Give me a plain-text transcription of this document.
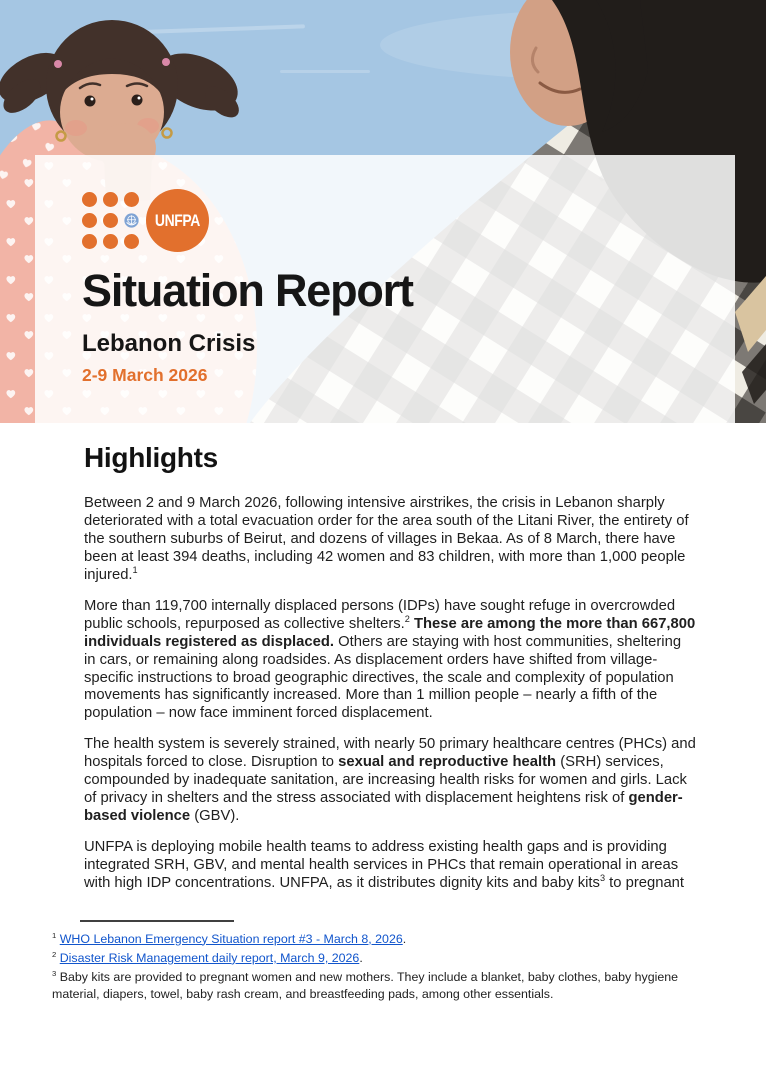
UNFPA
Situation Report
Lebanon Crisis
2-9 March 2026
Highlights

Between 2 and 9 March 2026, following intensive airstrikes, the crisis in Lebanon sharply deteriorated with a total evacuation order for the area south of the Litani River, the entirety of the southern suburbs of Beirut, and dozens of villages in Bekaa. As of 8 March, there have been at least 394 deaths, including 42 women and 83 children, with more than 1,000 people injured.$^1$

More than 119,700 internally displaced persons (IDPs) have sought refuge in overcrowded public schools, repurposed as collective shelters.$^2$ These are among the more than 667,800 individuals registered as displaced. Others are staying with host communities, sheltering in cars, or remaining along roadsides. As displacement orders have shifted from village-specific instructions to broad geographic directives, the scale and complexity of population movements has significantly increased. More than 1 million people – nearly a fifth of the population – now face imminent forced displacement.

The health system is severely strained, with nearly 50 primary healthcare centres (PHCs) and hospitals forced to close. Disruption to sexual and reproductive health (SRH) services, compounded by inadequate sanitation, are increasing health risks for women and girls. Lack of privacy in shelters and the stress associated with displacement heightens risk of gender-based violence (GBV).

UNFPA is deploying mobile health teams to address existing health gaps and is providing integrated SRH, GBV, and mental health services in PHCs that remain operational in areas with high IDP concentrations. UNFPA, as it distributes dignity kits and baby kits$^3$ to pregnant

$^1$ WHO Lebanon Emergency Situation report #3 - March 8, 2026.

$^2$ Disaster Risk Management daily report, March 9, 2026.

$^3$ Baby kits are provided to pregnant women and new mothers. They include a blanket, baby clothes, baby hygiene material, diapers, towel, baby rash cream, and breastfeeding pads, among other essentials.
